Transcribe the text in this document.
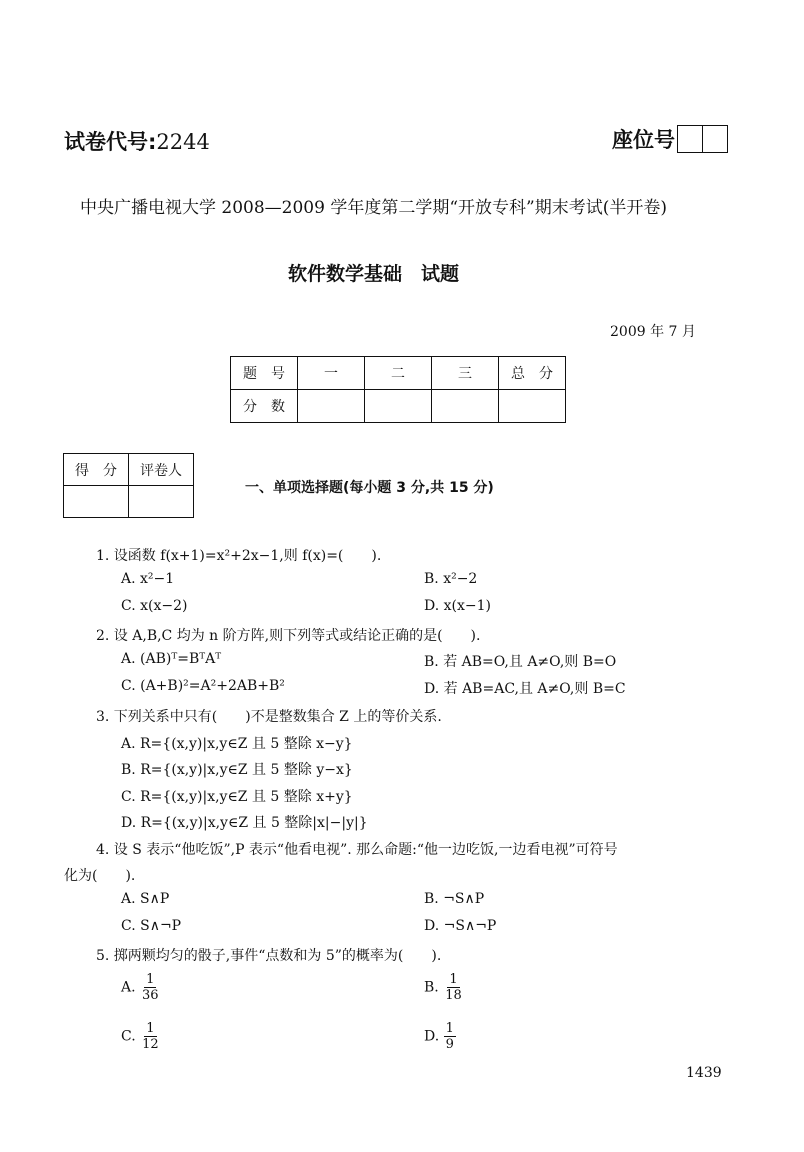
试卷代号:2244	座位号
中央广播电视大学 2008—2009 学年度第二学期“开放专科”期末考试(半开卷)
软件数学基础　试题
2009 年 7 月
题　号	一	二	三	总　分
分　数				
得　分	评卷人

一、单项选择题(每小题 3 分,共 15 分)
1. 设函数 f(x+1)=x²+2x−1,则 f(x)=(　　).
A. x²−1	B. x²−2
C. x(x−2)	D. x(x−1)
2. 设 A,B,C 均为 n 阶方阵,则下列等式或结论正确的是(　　).
A. (AB)ᵀ=BᵀAᵀ	B. 若 AB=O,且 A≠O,则 B=O
C. (A+B)²=A²+2AB+B²	D. 若 AB=AC,且 A≠O,则 B=C
3. 下列关系中只有(　　)不是整数集合 Z 上的等价关系.
A. R={(x,y)|x,y∈Z 且 5 整除 x−y}
B. R={(x,y)|x,y∈Z 且 5 整除 y−x}
C. R={(x,y)|x,y∈Z 且 5 整除 x+y}
D. R={(x,y)|x,y∈Z 且 5 整除|x|−|y|}
4. 设 S 表示“他吃饭”,P 表示“他看电视”. 那么命题:“他一边吃饭,一边看电视”可符号
化为(　　).
A. S∧P	B. ¬S∧P
C. S∧¬P	D. ¬S∧¬P
5. 掷两颗均匀的骰子,事件“点数和为 5”的概率为(　　).
A. $\frac{1}{36}$	B. $\frac{1}{18}$
C. $\frac{1}{12}$	D. $\frac{1}{9}$
1439
